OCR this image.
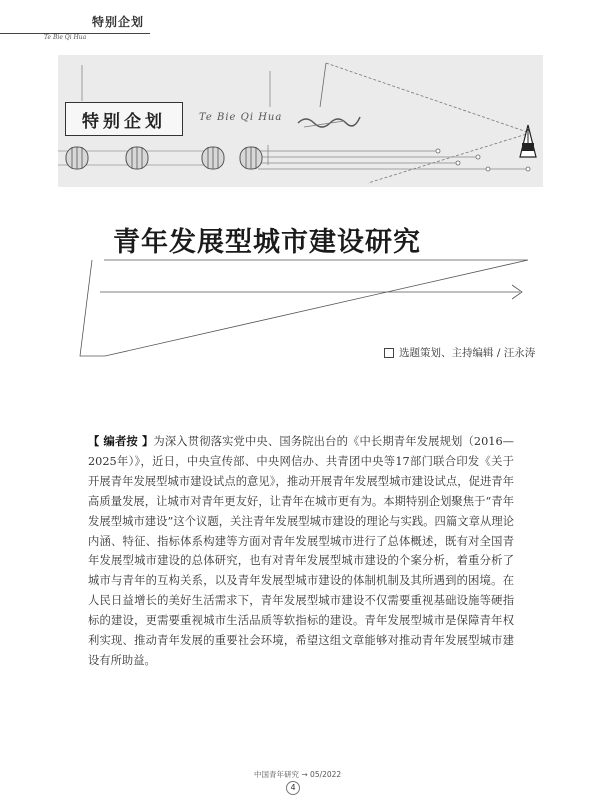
特别企划
Te Bie Qi Hua
特别企划	Te Bie Qi Hua
青年发展型城市建设研究
选题策划、主持编辑 / 汪永涛
【 编者按 】为深入贯彻落实党中央、国务院出台的《中长期青年发展规划（2016—2025年）》，近日，中央宣传部、中央网信办、共青团中央等17部门联合印发《关于开展青年发展型城市建设试点的意见》，推动开展青年发展型城市建设试点，促进青年高质量发展，让城市对青年更友好，让青年在城市更有为。本期特别企划聚焦于“青年发展型城市建设”这个议题，关注青年发展型城市建设的理论与实践。四篇文章从理论内涵、特征、指标体系构建等方面对青年发展型城市进行了总体概述，既有对全国青年发展型城市建设的总体研究，也有对青年发展型城市建设的个案分析，着重分析了城市与青年的互构关系，以及青年发展型城市建设的体制机制及其所遇到的困境。在人民日益增长的美好生活需求下，青年发展型城市建设不仅需要重视基础设施等硬指标的建设，更需要重视城市生活品质等软指标的建设。青年发展型城市是保障青年权利实现、推动青年发展的重要社会环境，希望这组文章能够对推动青年发展型城市建设有所助益。
中国青年研究 → 05/2022
4
